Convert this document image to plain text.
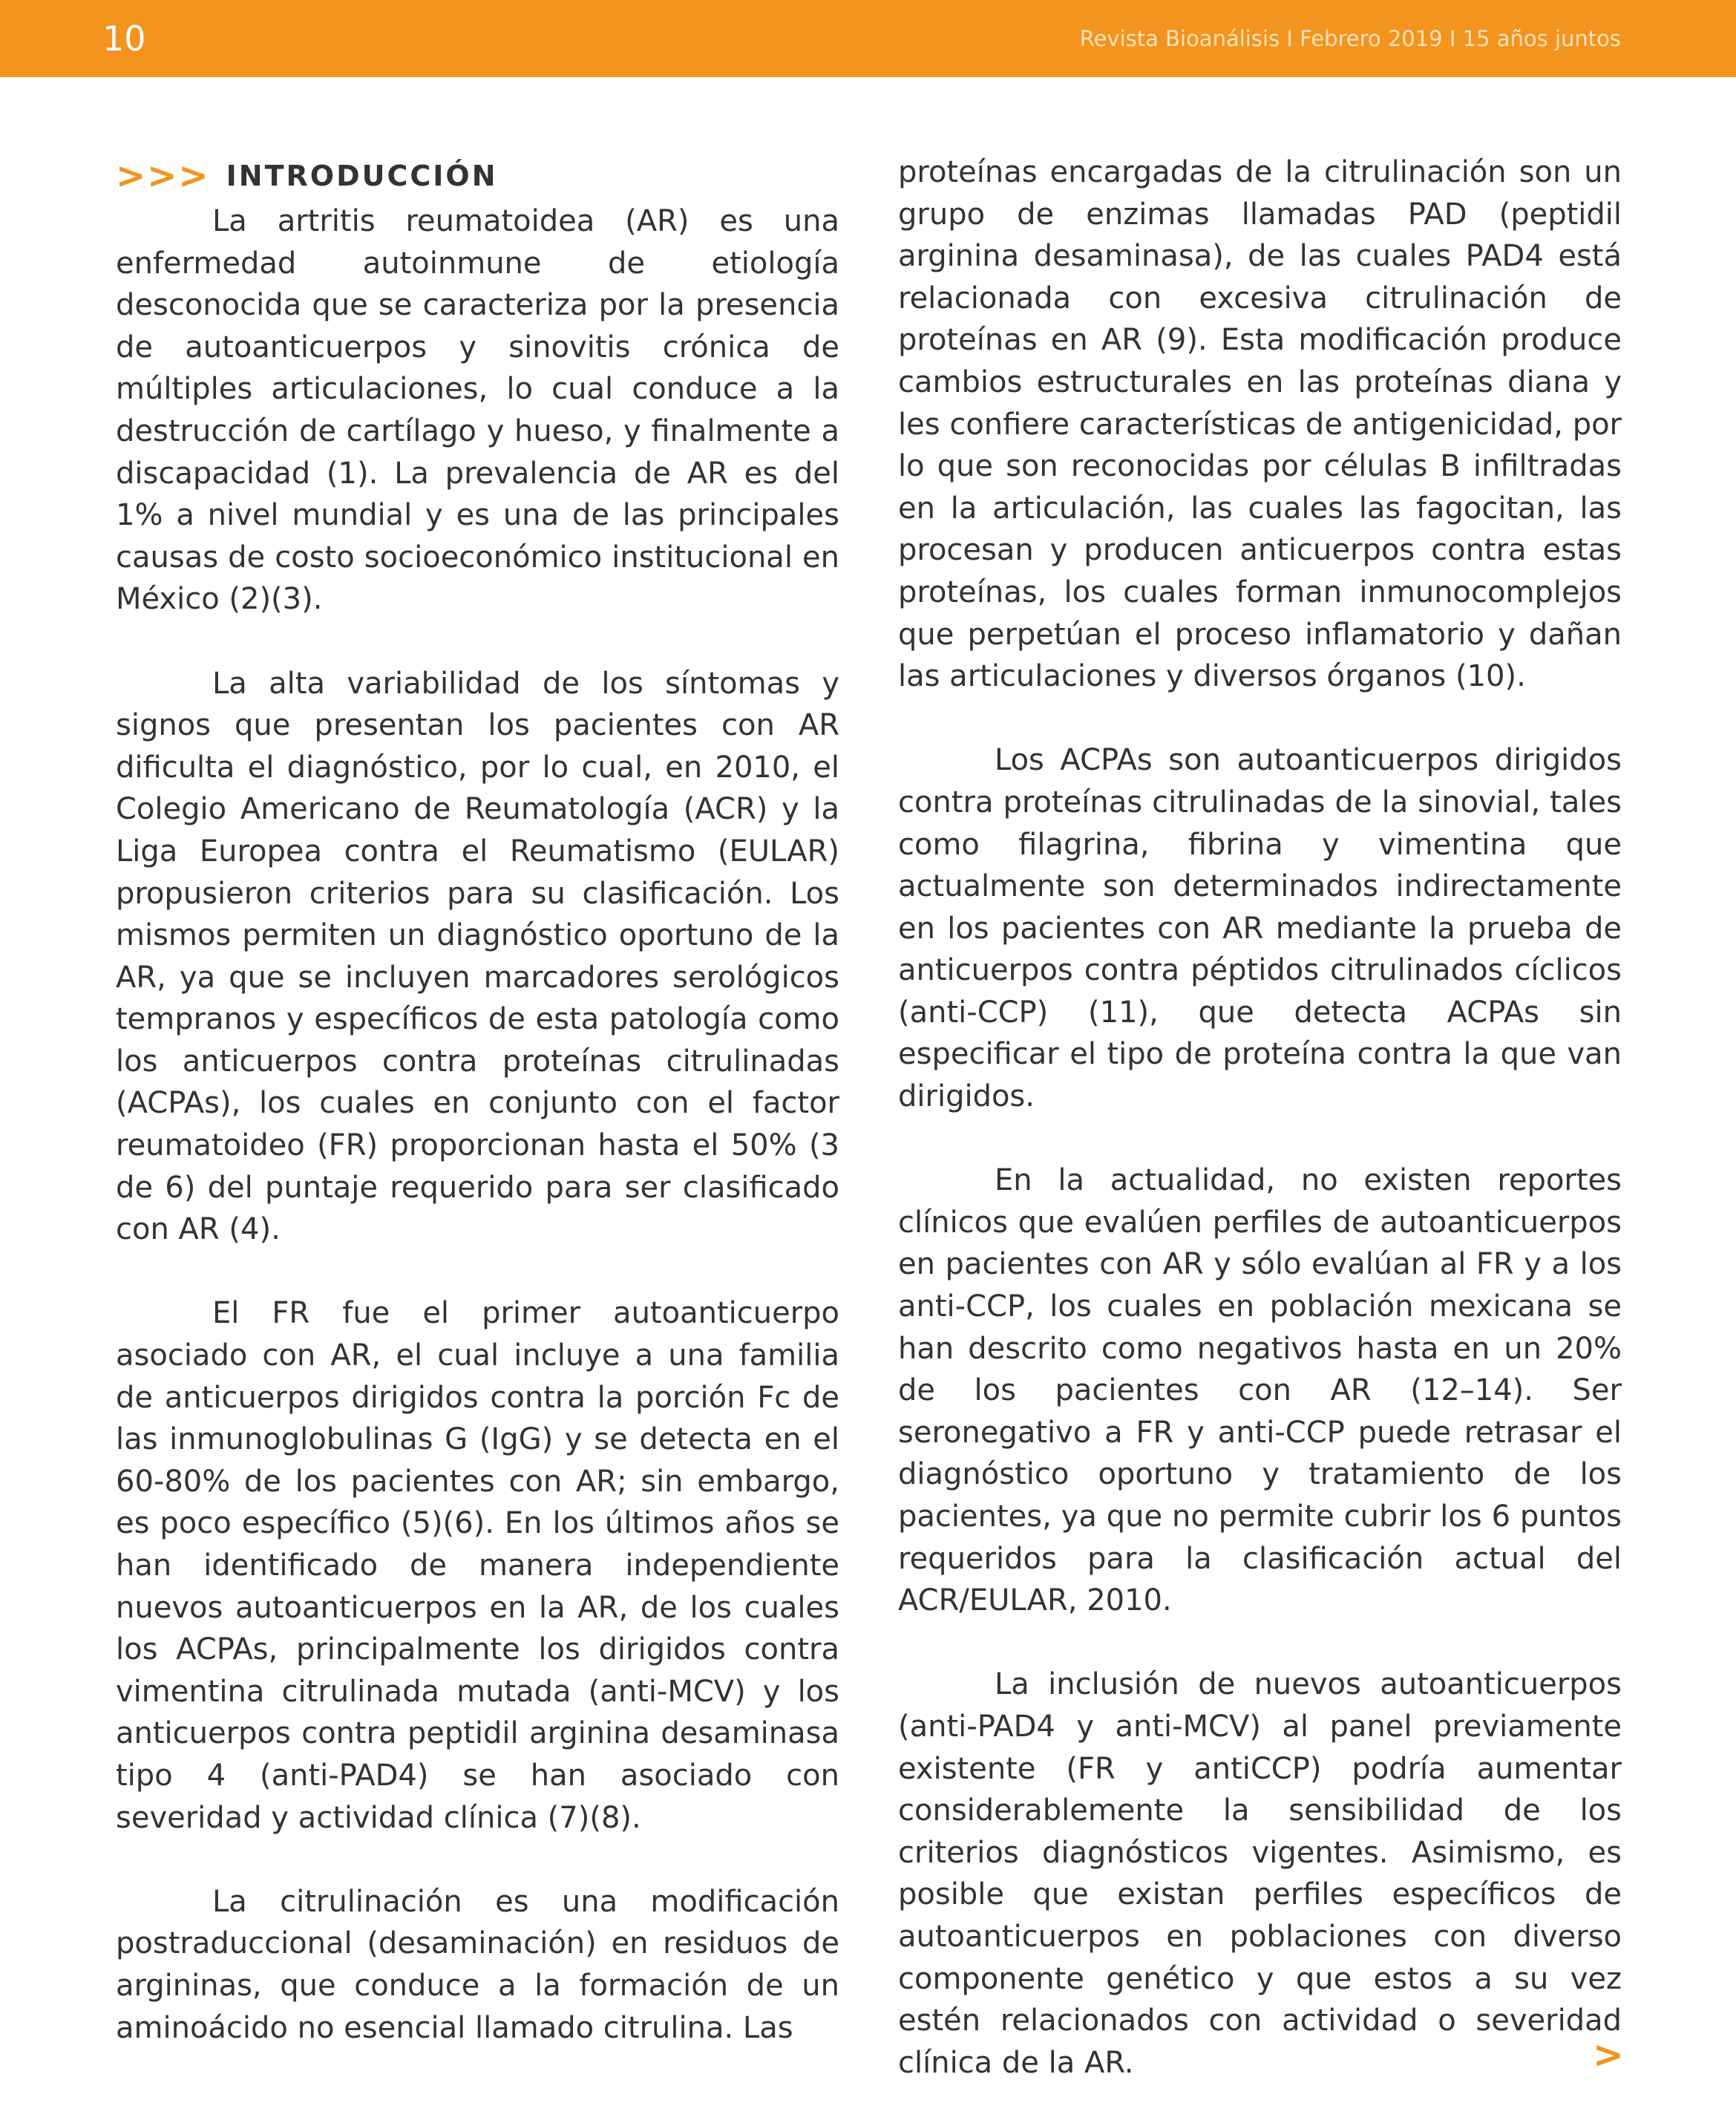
10	Revista Bioanálisis I Febrero 2019 I 15 años juntos
>>> INTRODUCCIÓN

La artritis reumatoidea (AR) es una enfermedad autoinmune de etiología desconocida que se caracteriza por la presencia de autoanticuerpos y sinovitis crónica de múltiples articulaciones, lo cual conduce a la destrucción de cartílago y hueso, y finalmente a discapacidad (1). La prevalencia de AR es del 1% a nivel mundial y es una de las principales causas de costo socioeconómico institucional en México (2)(3).

La alta variabilidad de los síntomas y signos que presentan los pacientes con AR dificulta el diagnóstico, por lo cual, en 2010, el Colegio Americano de Reumatología (ACR) y la Liga Europea contra el Reumatismo (EULAR) propusieron criterios para su clasificación. Los mismos permiten un diagnóstico oportuno de la AR, ya que se incluyen marcadores serológicos tempranos y específicos de esta patología como los anticuerpos contra proteínas citrulinadas (ACPAs), los cuales en conjunto con el factor reumatoideo (FR) proporcionan hasta el 50% (3 de 6) del puntaje requerido para ser clasificado con AR (4).

El FR fue el primer autoanticuerpo asociado con AR, el cual incluye a una familia de anticuerpos dirigidos contra la porción Fc de las inmunoglobulinas G (IgG) y se detecta en el 60-80% de los pacientes con AR; sin embargo, es poco específico (5)(6). En los últimos años se han identificado de manera independiente nuevos autoanticuerpos en la AR, de los cuales los ACPAs, principalmente los dirigidos contra vimentina citrulinada mutada (anti-MCV) y los anticuerpos contra peptidil arginina desaminasa tipo 4 (anti-PAD4) se han asociado con severidad y actividad clínica (7)(8).

La citrulinación es una modificación postraduccional (desaminación) en residuos de argininas, que conduce a la formación de un aminoácido no esencial llamado citrulina. Las

proteínas encargadas de la citrulinación son un grupo de enzimas llamadas PAD (peptidil arginina desaminasa), de las cuales PAD4 está relacionada con excesiva citrulinación de proteínas en AR (9). Esta modificación produce cambios estructurales en las proteínas diana y les confiere características de antigenicidad, por lo que son reconocidas por células B infiltradas en la articulación, las cuales las fagocitan, las procesan y producen anticuerpos contra estas proteínas, los cuales forman inmunocomplejos que perpetúan el proceso inflamatorio y dañan las articulaciones y diversos órganos (10).

Los ACPAs son autoanticuerpos dirigidos contra proteínas citrulinadas de la sinovial, tales como filagrina, fibrina y vimentina que actualmente son determinados indirectamente en los pacientes con AR mediante la prueba de anticuerpos contra péptidos citrulinados cíclicos (anti-CCP) (11), que detecta ACPAs sin especificar el tipo de proteína contra la que van dirigidos.

En la actualidad, no existen reportes clínicos que evalúen perfiles de autoanticuerpos en pacientes con AR y sólo evalúan al FR y a los anti-CCP, los cuales en población mexicana se han descrito como negativos hasta en un 20% de los pacientes con AR (12–14). Ser seronegativo a FR y anti-CCP puede retrasar el diagnóstico oportuno y tratamiento de los pacientes, ya que no permite cubrir los 6 puntos requeridos para la clasificación actual del ACR/EULAR, 2010.

La inclusión de nuevos autoanticuerpos (anti-PAD4 y anti-MCV) al panel previamente existente (FR y antiCCP) podría aumentar considerablemente la sensibilidad de los criterios diagnósticos vigentes. Asimismo, es posible que existan perfiles específicos de autoanticuerpos en poblaciones con diverso componente genético y que estos a su vez estén relacionados con actividad o severidad clínica de la AR.	>
